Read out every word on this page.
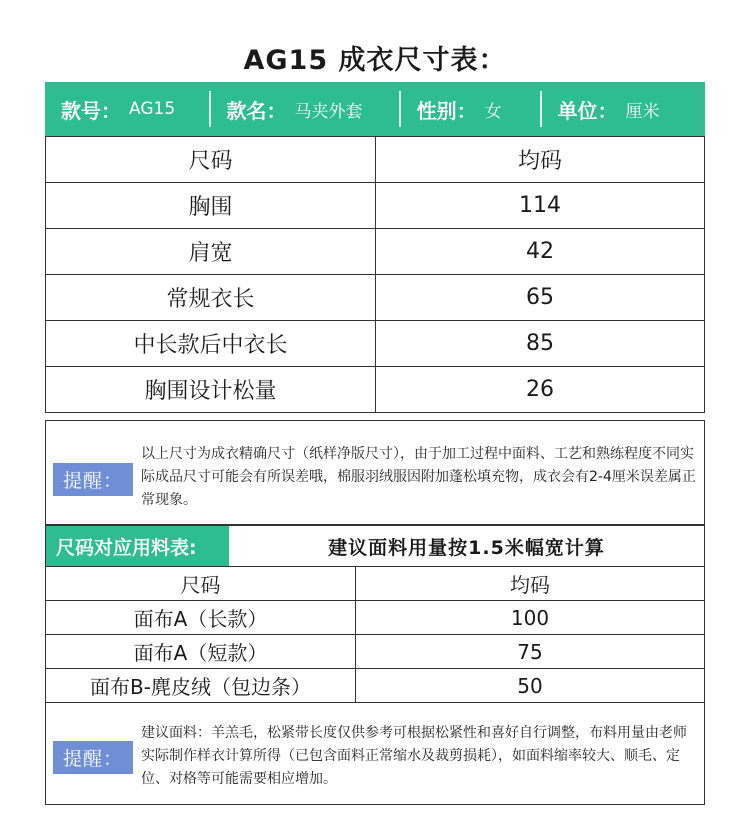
AG15 成衣尺寸表：
款号： AG15	款名： 马夹外套	性别： 女	单位： 厘米
尺码	均码
胸围	114
肩宽	42
常规衣长	65
中长款后中衣长	85
胸围设计松量	26
提醒：
以上尺寸为成衣精确尺寸（纸样净版尺寸），由于加工过程中面料、工艺和熟练程度不同实际成品尺寸可能会有所误差哦，棉服羽绒服因附加蓬松填充物，成衣会有2-4厘米误差属正常现象。
尺码对应用料表:	建议面料用量按1.5米幅宽计算
尺码	均码
面布A（长款）	100
面布A（短款）	75
面布B-麂皮绒（包边条）	50
提醒：
建议面料：羊羔毛，松紧带长度仅供参考可根据松紧性和喜好自行调整，布料用量由老师实际制作样衣计算所得（已包含面料正常缩水及裁剪损耗），如面料缩率较大、顺毛、定位、对格等可能需要相应增加。
